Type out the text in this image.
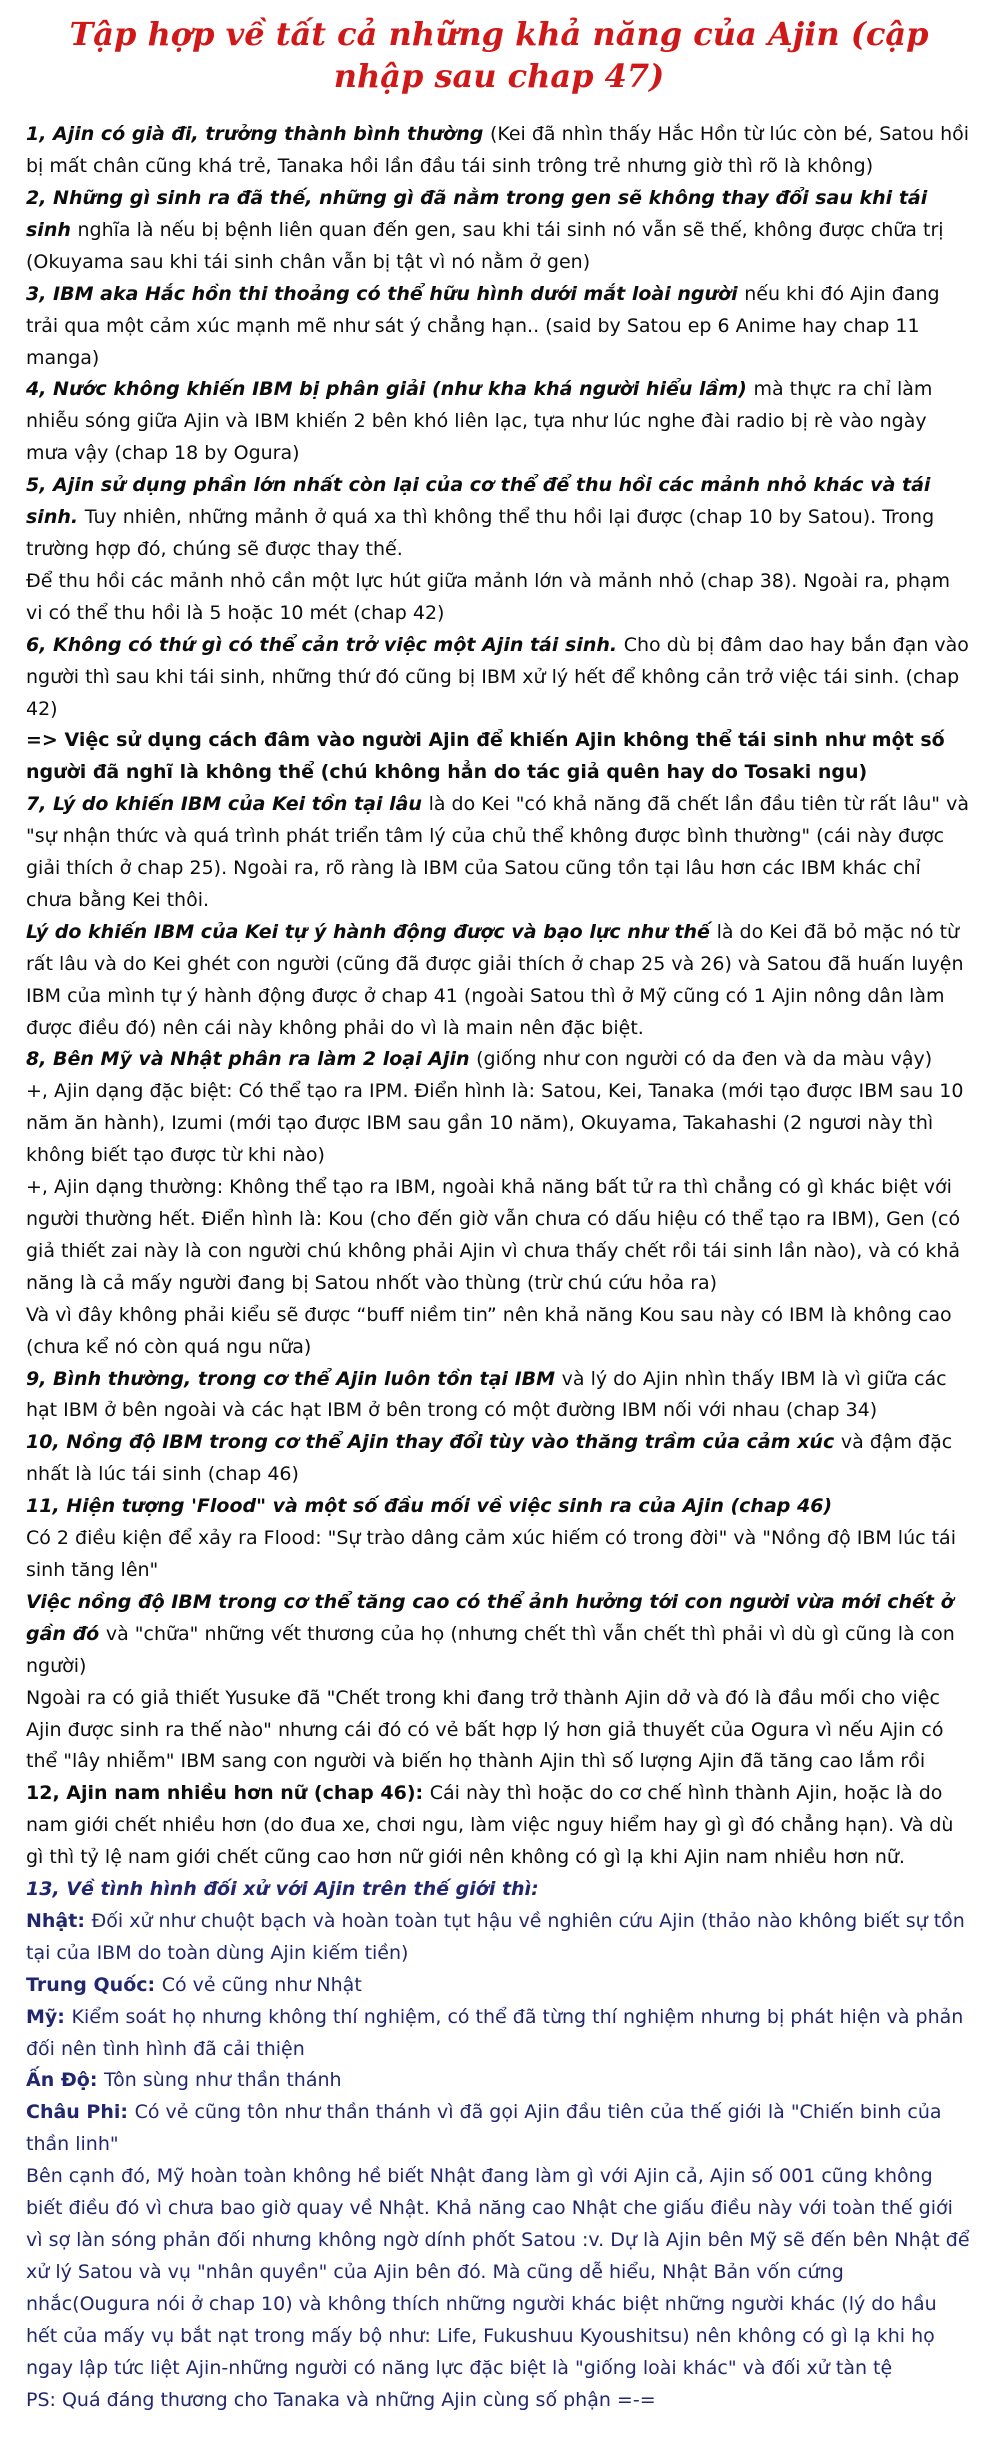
Tập hợp về tất cả những khả năng của Ajin (cập nhập sau chap 47)

1, Ajin có già đi, trưởng thành bình thường (Kei đã nhìn thấy Hắc Hồn từ lúc còn bé, Satou hồi bị mất chân cũng khá trẻ, Tanaka hồi lần đầu tái sinh trông trẻ nhưng giờ thì rõ là không)

2, Những gì sinh ra đã thế, những gì đã nằm trong gen sẽ không thay đổi sau khi tái sinh nghĩa là nếu bị bệnh liên quan đến gen, sau khi tái sinh nó vẫn sẽ thế, không được chữa trị (Okuyama sau khi tái sinh chân vẫn bị tật vì nó nằm ở gen)

3, IBM aka Hắc hồn thi thoảng có thể hữu hình dưới mắt loài người nếu khi đó Ajin đang trải qua một cảm xúc mạnh mẽ như sát ý chẳng hạn.. (said by Satou ep 6 Anime hay chap 11 manga)

4, Nước không khiến IBM bị phân giải (như kha khá người hiểu lầm) mà thực ra chỉ làm nhiễu sóng giữa Ajin và IBM khiến 2 bên khó liên lạc, tựa như lúc nghe đài radio bị rè vào ngày mưa vậy (chap 18 by Ogura)

5, Ajin sử dụng phần lớn nhất còn lại của cơ thể để thu hồi các mảnh nhỏ khác và tái sinh. Tuy nhiên, những mảnh ở quá xa thì không thể thu hồi lại được (chap 10 by Satou). Trong trường hợp đó, chúng sẽ được thay thế.

Để thu hồi các mảnh nhỏ cần một lực hút giữa mảnh lớn và mảnh nhỏ (chap 38). Ngoài ra, phạm vi có thể thu hồi là 5 hoặc 10 mét (chap 42)

6, Không có thứ gì có thể cản trở việc một Ajin tái sinh. Cho dù bị đâm dao hay bắn đạn vào người thì sau khi tái sinh, những thứ đó cũng bị IBM xử lý hết để không cản trở việc tái sinh. (chap 42)

=> Việc sử dụng cách đâm vào người Ajin để khiến Ajin không thể tái sinh như một số người đã nghĩ là không thể (chú không hẳn do tác giả quên hay do Tosaki ngu)

7, Lý do khiến IBM của Kei tồn tại lâu là do Kei "có khả năng đã chết lần đầu tiên từ rất lâu" và "sự nhận thức và quá trình phát triển tâm lý của chủ thể không được bình thường" (cái này được giải thích ở chap 25). Ngoài ra, rõ ràng là IBM của Satou cũng tồn tại lâu hơn các IBM khác chỉ chưa bằng Kei thôi.

Lý do khiến IBM của Kei tự ý hành động được và bạo lực như thế là do Kei đã bỏ mặc nó từ rất lâu và do Kei ghét con người (cũng đã được giải thích ở chap 25 và 26) và Satou đã huấn luyện IBM của mình tự ý hành động được ở chap 41 (ngoài Satou thì ở Mỹ cũng có 1 Ajin nông dân làm được điều đó) nên cái này không phải do vì là main nên đặc biệt.

8, Bên Mỹ và Nhật phân ra làm 2 loại Ajin (giống như con người có da đen và da màu vậy)

+, Ajin dạng đặc biệt: Có thể tạo ra IPM. Điển hình là: Satou, Kei, Tanaka (mới tạo được IBM sau 10 năm ăn hành), Izumi (mới tạo được IBM sau gần 10 năm), Okuyama, Takahashi (2 ngươi này thì không biết tạo được từ khi nào)

+, Ajin dạng thường: Không thể tạo ra IBM, ngoài khả năng bất tử ra thì chẳng có gì khác biệt với người thường hết. Điển hình là: Kou (cho đến giờ vẫn chưa có dấu hiệu có thể tạo ra IBM), Gen (có giả thiết zai này là con người chú không phải Ajin vì chưa thấy chết rồi tái sinh lần nào), và có khả năng là cả mấy người đang bị Satou nhốt vào thùng (trừ chú cứu hỏa ra)

Và vì đây không phải kiểu sẽ được “buff niềm tin” nên khả năng Kou sau này có IBM là không cao (chưa kể nó còn quá ngu nữa)

9, Bình thường, trong cơ thể Ajin luôn tồn tại IBM và lý do Ajin nhìn thấy IBM là vì giữa các hạt IBM ở bên ngoài và các hạt IBM ở bên trong có một đường IBM nối với nhau (chap 34)

10, Nồng độ IBM trong cơ thể Ajin thay đổi tùy vào thăng trầm của cảm xúc và đậm đặc nhất là lúc tái sinh (chap 46)

11, Hiện tượng 'Flood" và một số đầu mối về việc sinh ra của Ajin (chap 46)

Có 2 điều kiện để xảy ra Flood: "Sự trào dâng cảm xúc hiếm có trong đời" và "Nồng độ IBM lúc tái sinh tăng lên"

Việc nồng độ IBM trong cơ thể tăng cao có thể ảnh hưởng tới con người vừa mới chết ở gần đó và "chữa" những vết thương của họ (nhưng chết thì vẫn chết thì phải vì dù gì cũng là con người)

Ngoài ra có giả thiết Yusuke đã "Chết trong khi đang trở thành Ajin dở và đó là đầu mối cho việc Ajin được sinh ra thế nào" nhưng cái đó có vẻ bất hợp lý hơn giả thuyết của Ogura vì nếu Ajin có thể "lây nhiễm" IBM sang con người và biến họ thành Ajin thì số lượng Ajin đã tăng cao lắm rồi

12, Ajin nam nhiều hơn nữ (chap 46): Cái này thì hoặc do cơ chế hình thành Ajin, hoặc là do nam giới chết nhiều hơn (do đua xe, chơi ngu, làm việc nguy hiểm hay gì gì đó chẳng hạn). Và dù gì thì tỷ lệ nam giới chết cũng cao hơn nữ giới nên không có gì lạ khi Ajin nam nhiều hơn nữ.

13, Về tình hình đối xử với Ajin trên thế giới thì:

Nhật: Đối xử như chuột bạch và hoàn toàn tụt hậu về nghiên cứu Ajin (thảo nào không biết sự tồn tại của IBM do toàn dùng Ajin kiếm tiền)

Trung Quốc: Có vẻ cũng như Nhật

Mỹ: Kiểm soát họ nhưng không thí nghiệm, có thể đã từng thí nghiệm nhưng bị phát hiện và phản đối nên tình hình đã cải thiện

Ấn Độ: Tôn sùng như thần thánh

Châu Phi: Có vẻ cũng tôn như thần thánh vì đã gọi Ajin đầu tiên của thế giới là "Chiến binh của thần linh"

Bên cạnh đó, Mỹ hoàn toàn không hề biết Nhật đang làm gì với Ajin cả, Ajin số 001 cũng không biết điều đó vì chưa bao giờ quay về Nhật. Khả năng cao Nhật che giấu điều này với toàn thế giới vì sợ làn sóng phản đối nhưng không ngờ dính phốt Satou :v. Dự là Ajin bên Mỹ sẽ đến bên Nhật để xử lý Satou và vụ "nhân quyền" của Ajin bên đó. Mà cũng dễ hiểu, Nhật Bản vốn cứng nhắc(Ougura nói ở chap 10) và không thích những người khác biệt những người khác (lý do hầu hết của mấy vụ bắt nạt trong mấy bộ như: Life, Fukushuu Kyoushitsu) nên không có gì lạ khi họ ngay lập tức liệt Ajin-những người có năng lực đặc biệt là "giống loài khác" và đối xử tàn tệ

PS: Quá đáng thương cho Tanaka và những Ajin cùng số phận =-=
